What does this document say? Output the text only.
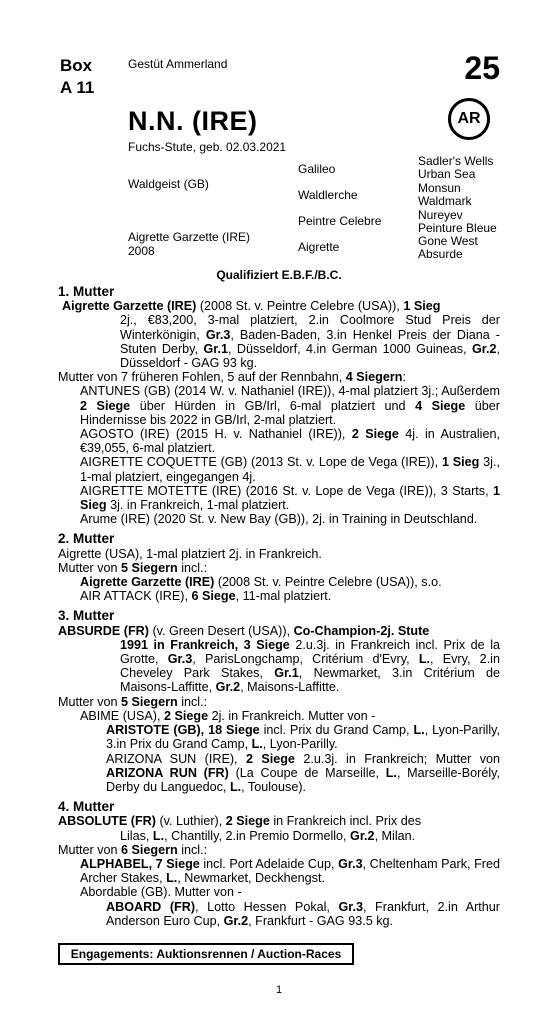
Box
A 11
Gestüt Ammerland	25
N.N. (IRE)
Fuchs-Stute, geb. 02.03.2021
AR
Waldgeist (GB)
Aigrette Garzette (IRE)
2008
Galileo
Waldlerche
Peintre Celebre
Aigrette
Sadler's Wells
Urban Sea
Monsun
Waldmark
Nureyev
Peinture Bleue
Gone West
Absurde
Qualifiziert E.B.F./B.C.

1. Mutter

Aigrette Garzette (IRE) (2008 St. v. Peintre Celebre (USA)), 1 Sieg

2j., €83,200, 3-mal platziert, 2.in Coolmore Stud Preis der Winterkönigin, Gr.3, Baden-Baden, 3.in Henkel Preis der Diana - Stuten Derby, Gr.1, Düsseldorf, 4.in German 1000 Guineas, Gr.2, Düsseldorf - GAG 93 kg.

Mutter von 7 früheren Fohlen, 5 auf der Rennbahn, 4 Siegern:

ANTUNES (GB) (2014 W. v. Nathaniel (IRE)), 4-mal platziert 3j.; Außerdem 2 Siege über Hürden in GB/Irl, 6-mal platziert und 4 Siege über Hindernisse bis 2022 in GB/Irl, 2-mal platziert.

AGOSTO (IRE) (2015 H. v. Nathaniel (IRE)), 2 Siege 4j. in Australien, €39,055, 6-mal platziert.

AIGRETTE COQUETTE (GB) (2013 St. v. Lope de Vega (IRE)), 1 Sieg 3j., 1-mal platziert, eingegangen 4j.

AIGRETTE MOTETTE (IRE) (2016 St. v. Lope de Vega (IRE)), 3 Starts, 1 Sieg 3j. in Frankreich, 1-mal platziert.

Arume (IRE) (2020 St. v. New Bay (GB)), 2j. in Training in Deutschland.

2. Mutter

Aigrette (USA), 1-mal platziert 2j. in Frankreich.

Mutter von 5 Siegern incl.:

Aigrette Garzette (IRE) (2008 St. v. Peintre Celebre (USA)), s.o.

AIR ATTACK (IRE), 6 Siege, 11-mal platziert.

3. Mutter

ABSURDE (FR) (v. Green Desert (USA)), Co-Champion-2j. Stute

1991 in Frankreich, 3 Siege 2.u.3j. in Frankreich incl. Prix de la Grotte, Gr.3, ParisLongchamp, Critérium d'Evry, L., Evry, 2.in Cheveley Park Stakes, Gr.1, Newmarket, 3.in Critérium de Maisons-Laffitte, Gr.2, Maisons-Laffitte.

Mutter von 5 Siegern incl.:

ABIME (USA), 2 Siege 2j. in Frankreich. Mutter von -

ARISTOTE (GB), 18 Siege incl. Prix du Grand Camp, L., Lyon-Parilly, 3.in Prix du Grand Camp, L., Lyon-Parilly.

ARIZONA SUN (IRE), 2 Siege 2.u.3j. in Frankreich; Mutter von ARIZONA RUN (FR) (La Coupe de Marseille, L., Marseille-Borély, Derby du Languedoc, L., Toulouse).

4. Mutter

ABSOLUTE (FR) (v. Luthier), 2 Siege in Frankreich incl. Prix des

Lilas, L., Chantilly, 2.in Premio Dormello, Gr.2, Milan.

Mutter von 6 Siegern incl.:

ALPHABEL, 7 Siege incl. Port Adelaide Cup, Gr.3, Cheltenham Park, Fred Archer Stakes, L., Newmarket, Deckhengst.

Abordable (GB). Mutter von -

ABOARD (FR), Lotto Hessen Pokal, Gr.3, Frankfurt, 2.in Arthur Anderson Euro Cup, Gr.2, Frankfurt - GAG 93.5 kg.

Engagements: Auktionsrennen / Auction-Races
1
